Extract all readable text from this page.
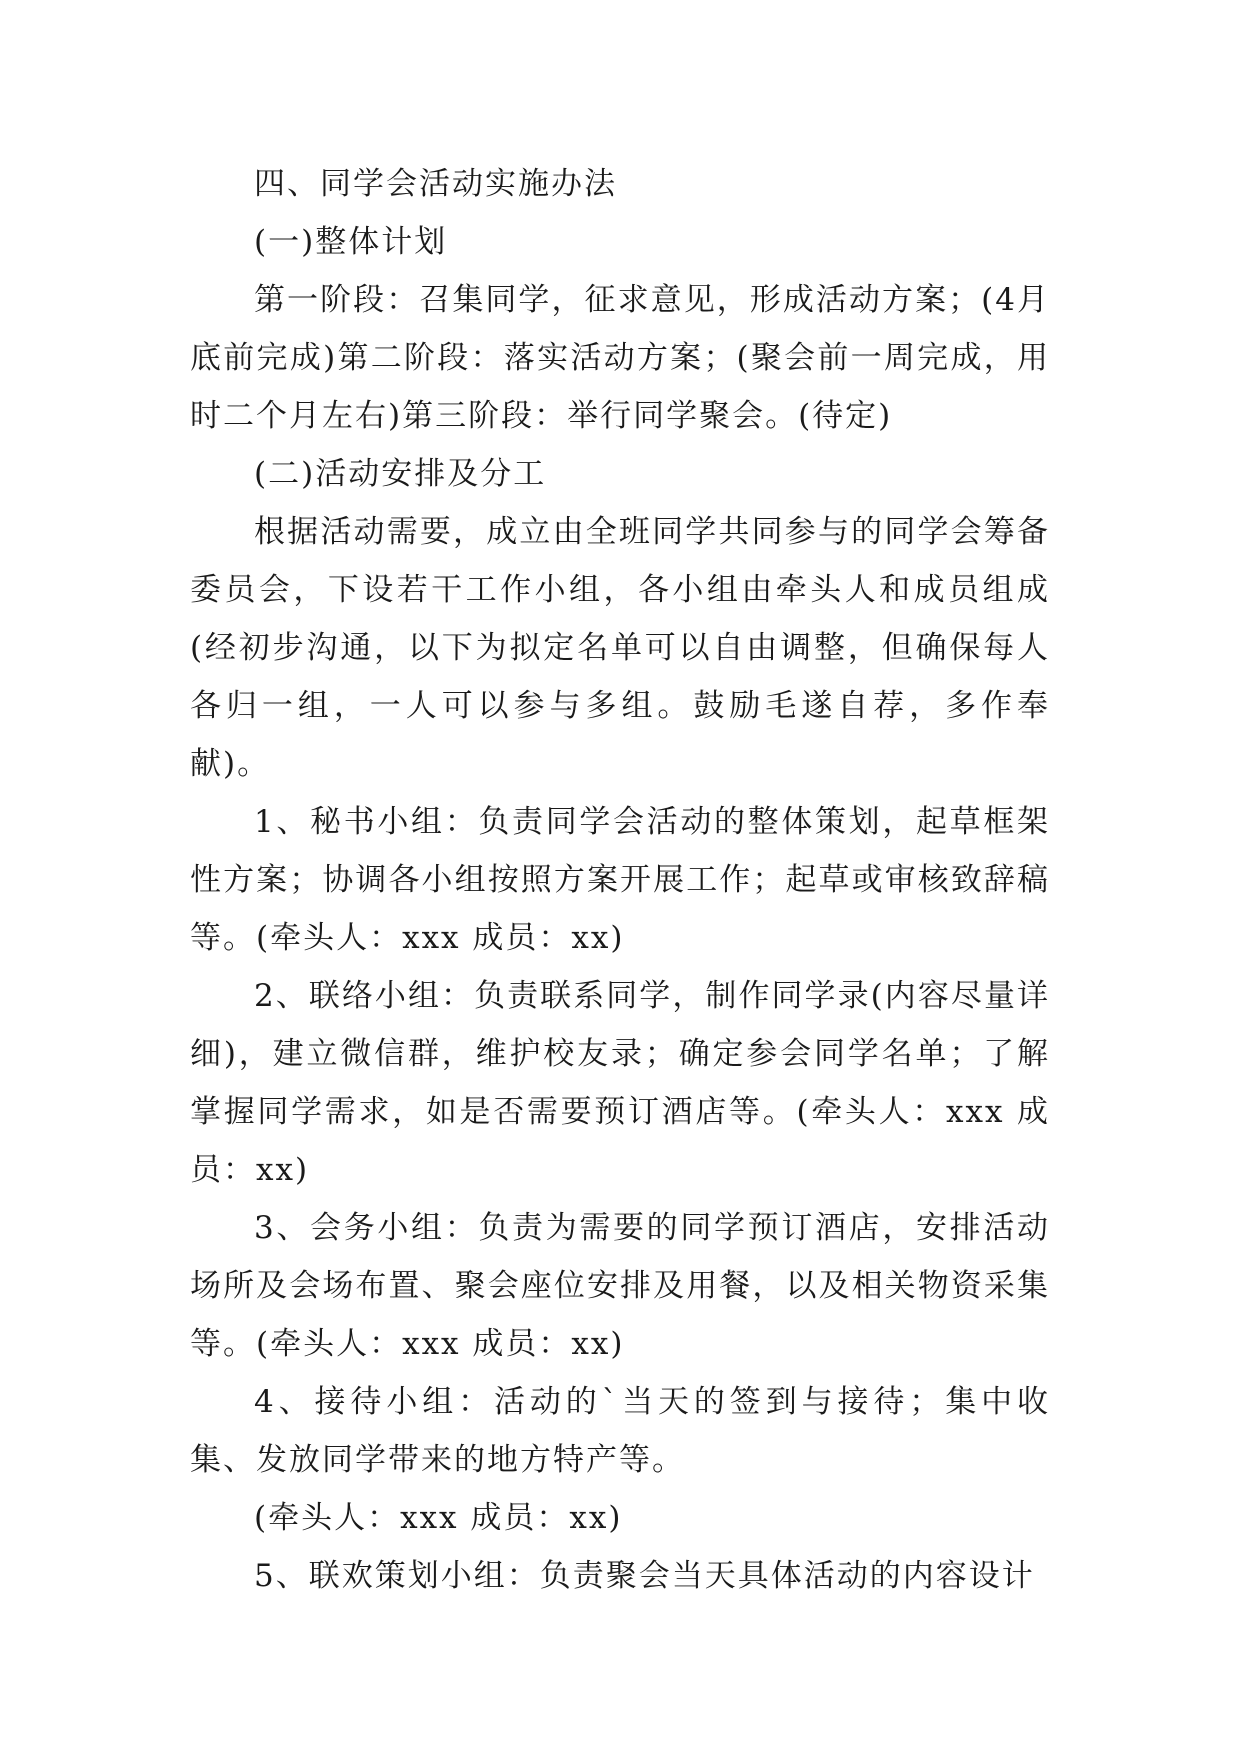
四、同学会活动实施办法

(一)整体计划

第一阶段：召集同学，征求意见，形成活动方案；(4月底前完成)第二阶段：落实活动方案；(聚会前一周完成，用时二个月左右)第三阶段：举行同学聚会。(待定)

(二)活动安排及分工

根据活动需要，成立由全班同学共同参与的同学会筹备委员会，下设若干工作小组，各小组由牵头人和成员组成(经初步沟通，以下为拟定名单可以自由调整，但确保每人各归一组，一人可以参与多组。鼓励毛遂自荐，多作奉献)。

1、秘书小组：负责同学会活动的整体策划，起草框架性方案；协调各小组按照方案开展工作；起草或审核致辞稿等。(牵头人：xxx 成员：xx)

2、联络小组：负责联系同学，制作同学录(内容尽量详细)，建立微信群，维护校友录；确定参会同学名单；了解掌握同学需求，如是否需要预订酒店等。(牵头人：xxx 成员：xx)

3、会务小组：负责为需要的同学预订酒店，安排活动场所及会场布置、聚会座位安排及用餐，以及相关物资采集等。(牵头人：xxx 成员：xx)

4、接待小组：活动的`当天的签到与接待；集中收集、发放同学带来的地方特产等。

(牵头人：xxx 成员：xx)

5、联欢策划小组：负责聚会当天具体活动的内容设计
